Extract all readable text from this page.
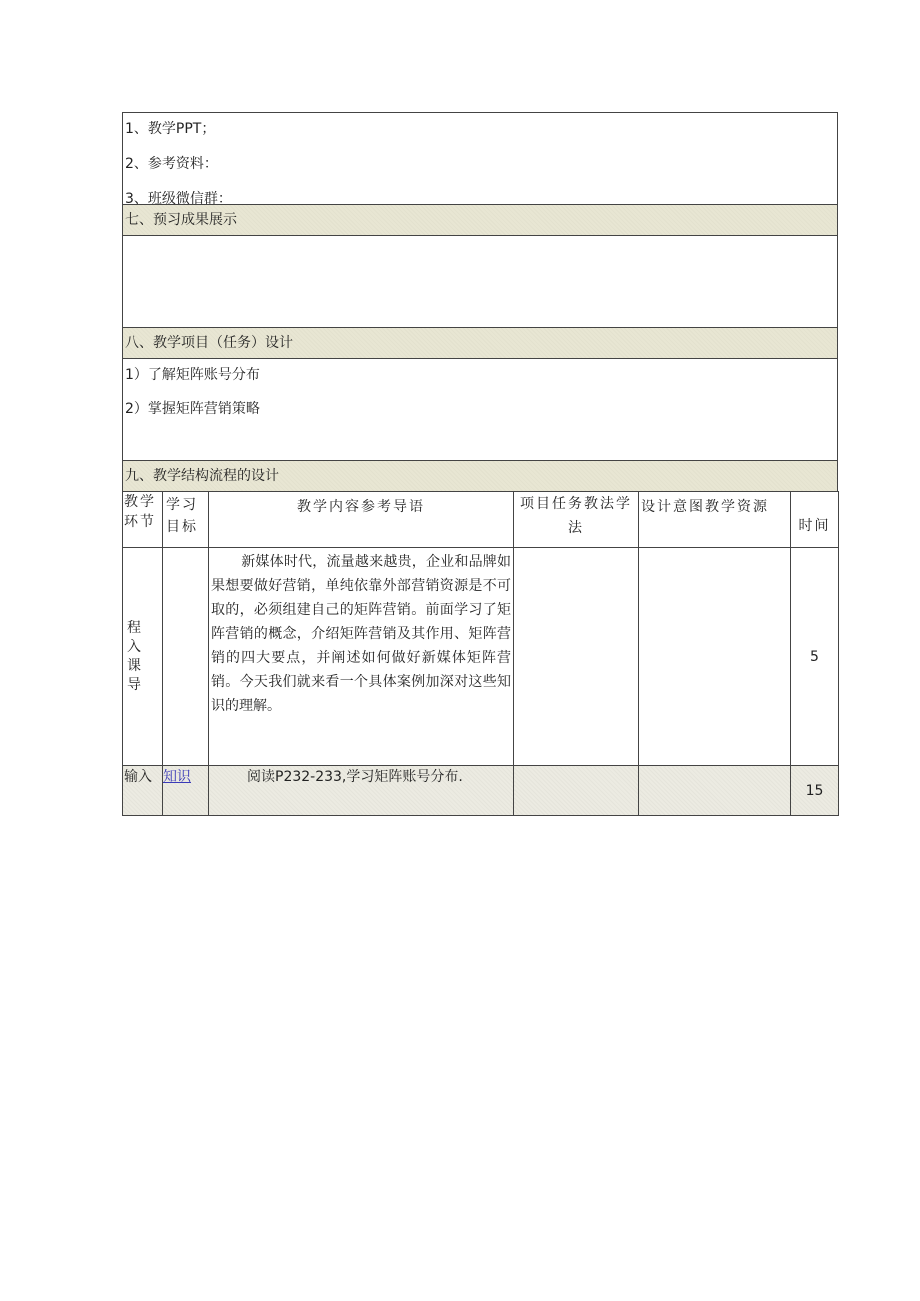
1、教学PPT；

2、参考资料：

3、班级微信群：

七、预习成果展示
八、教学项目（任务）设计

1）了解矩阵账号分布

2）掌握矩阵营销策略

九、教学结构流程的设计
教学环节	学习目标	教学内容参考导语	项目任务教法学法	设计意图教学资源	时间

程
入
课
导		新媒体时代，流量越来越贵，企业和品牌如果想要做好营销，单纯依靠外部营销资源是不可取的，必须组建自己的矩阵营销。前面学习了矩阵营销的概念，介绍矩阵营销及其作用、矩阵营销的四大要点，并阐述如何做好新媒体矩阵营销。今天我们就来看一个具体案例加深对这些知识的理解。			5
输入	知识	阅读P232-233,学习矩阵账号分布.			15
